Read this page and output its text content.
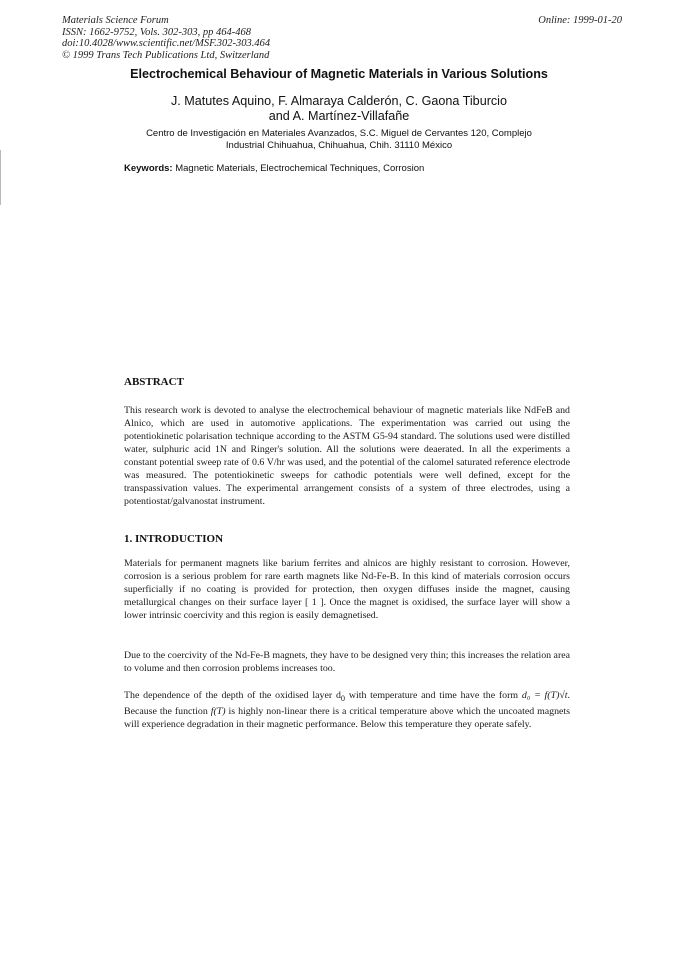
Materials Science Forum
ISSN: 1662-9752, Vols. 302-303, pp 464-468
doi:10.4028/www.scientific.net/MSF.302-303.464
© 1999 Trans Tech Publications Ltd, Switzerland
Online: 1999-01-20
Electrochemical Behaviour of Magnetic Materials in Various Solutions
J. Matutes Aquino, F. Almaraya Calderón, C. Gaona Tiburcio
and A. Martínez-Villafañe
Centro de Investigación en Materiales Avanzados, S.C. Miguel de Cervantes 120, Complejo
Industrial Chihuahua, Chihuahua, Chih. 31110 México
Keywords: Magnetic Materials, Electrochemical Techniques, Corrosion
ABSTRACT
This research work is devoted to analyse the electrochemical behaviour of magnetic materials like NdFeB and Alnico, which are used in automotive applications. The experimentation was carried out using the potentiokinetic polarisation technique according to the ASTM G5-94 standard. The solutions used were distilled water, sulphuric acid 1N and Ringer's solution. All the solutions were deaerated. In all the experiments a constant potential sweep rate of 0.6 V/hr was used, and the potential of the calomel saturated reference electrode was measured. The potentiokinetic sweeps for cathodic potentials were well defined, except for the transpassivation values. The experimental arrangement consists of a system of three electrodes, using a potentiostat/galvanostat instrument.
1. INTRODUCTION
Materials for permanent magnets like barium ferrites and alnicos are highly resistant to corrosion. However, corrosion is a serious problem for rare earth magnets like Nd-Fe-B. In this kind of materials corrosion occurs superficially if no coating is provided for protection, then oxygen diffuses inside the magnet, causing metallurgical changes on their surface layer [ 1 ]. Once the magnet is oxidised, the surface layer will show a lower intrinsic coercivity and this region is easily demagnetised.
Due to the coercivity of the Nd-Fe-B magnets, they have to be designed very thin; this increases the relation area to volume and then corrosion problems increases too.
The dependence of the depth of the oxidised layer $d_0$ with temperature and time have the form d₀ = f(T)√t. Because the function f(T) is highly non-linear there is a critical temperature above which the uncoated magnets will experience degradation in their magnetic performance. Below this temperature they operate safely.
